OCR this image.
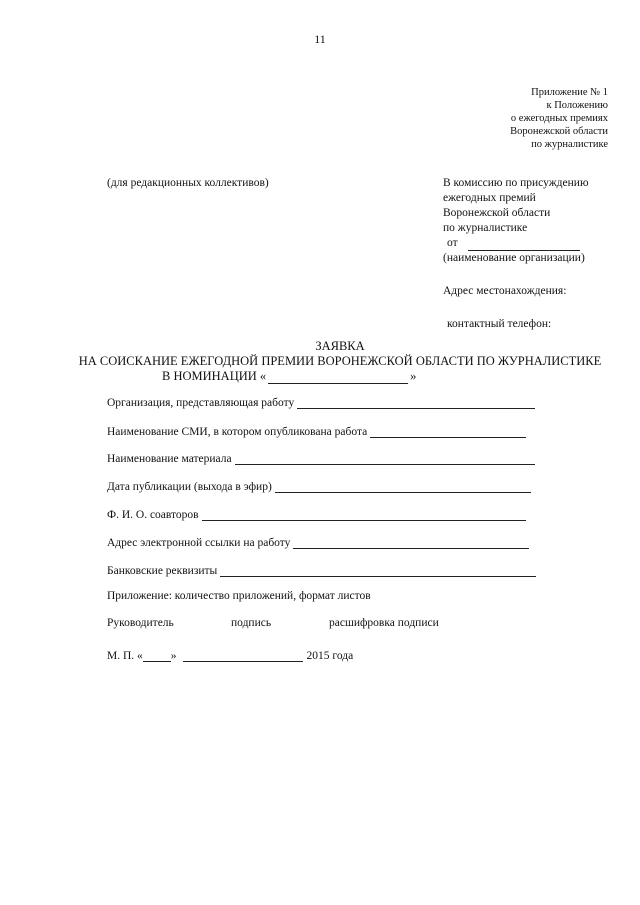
11
Приложение № 1
к Положению
о ежегодных премиях
Воронежской области
по журналистике
(для редакционных коллективов)	В комиссию по присуждению
ежегодных премий
Воронежской области
по журналистике
от
(наименование организации)
Адрес местонахождения:
контактный телефон:
ЗАЯВКА
НА СОИСКАНИЕ ЕЖЕГОДНОЙ ПРЕМИИ ВОРОНЕЖСКОЙ ОБЛАСТИ ПО ЖУРНАЛИСТИКЕ
В НОМИНАЦИИ «	»
Организация, представляющая работу
Наименование СМИ, в котором опубликована работа
Наименование материала
Дата публикации (выхода в эфир)
Ф. И. О. соавторов
Адрес электронной ссылки на работу
Банковские реквизиты
Приложение: количество приложений, формат листов
Руководитель	подпись	расшифровка подписи
М. П. « »	2015 года
